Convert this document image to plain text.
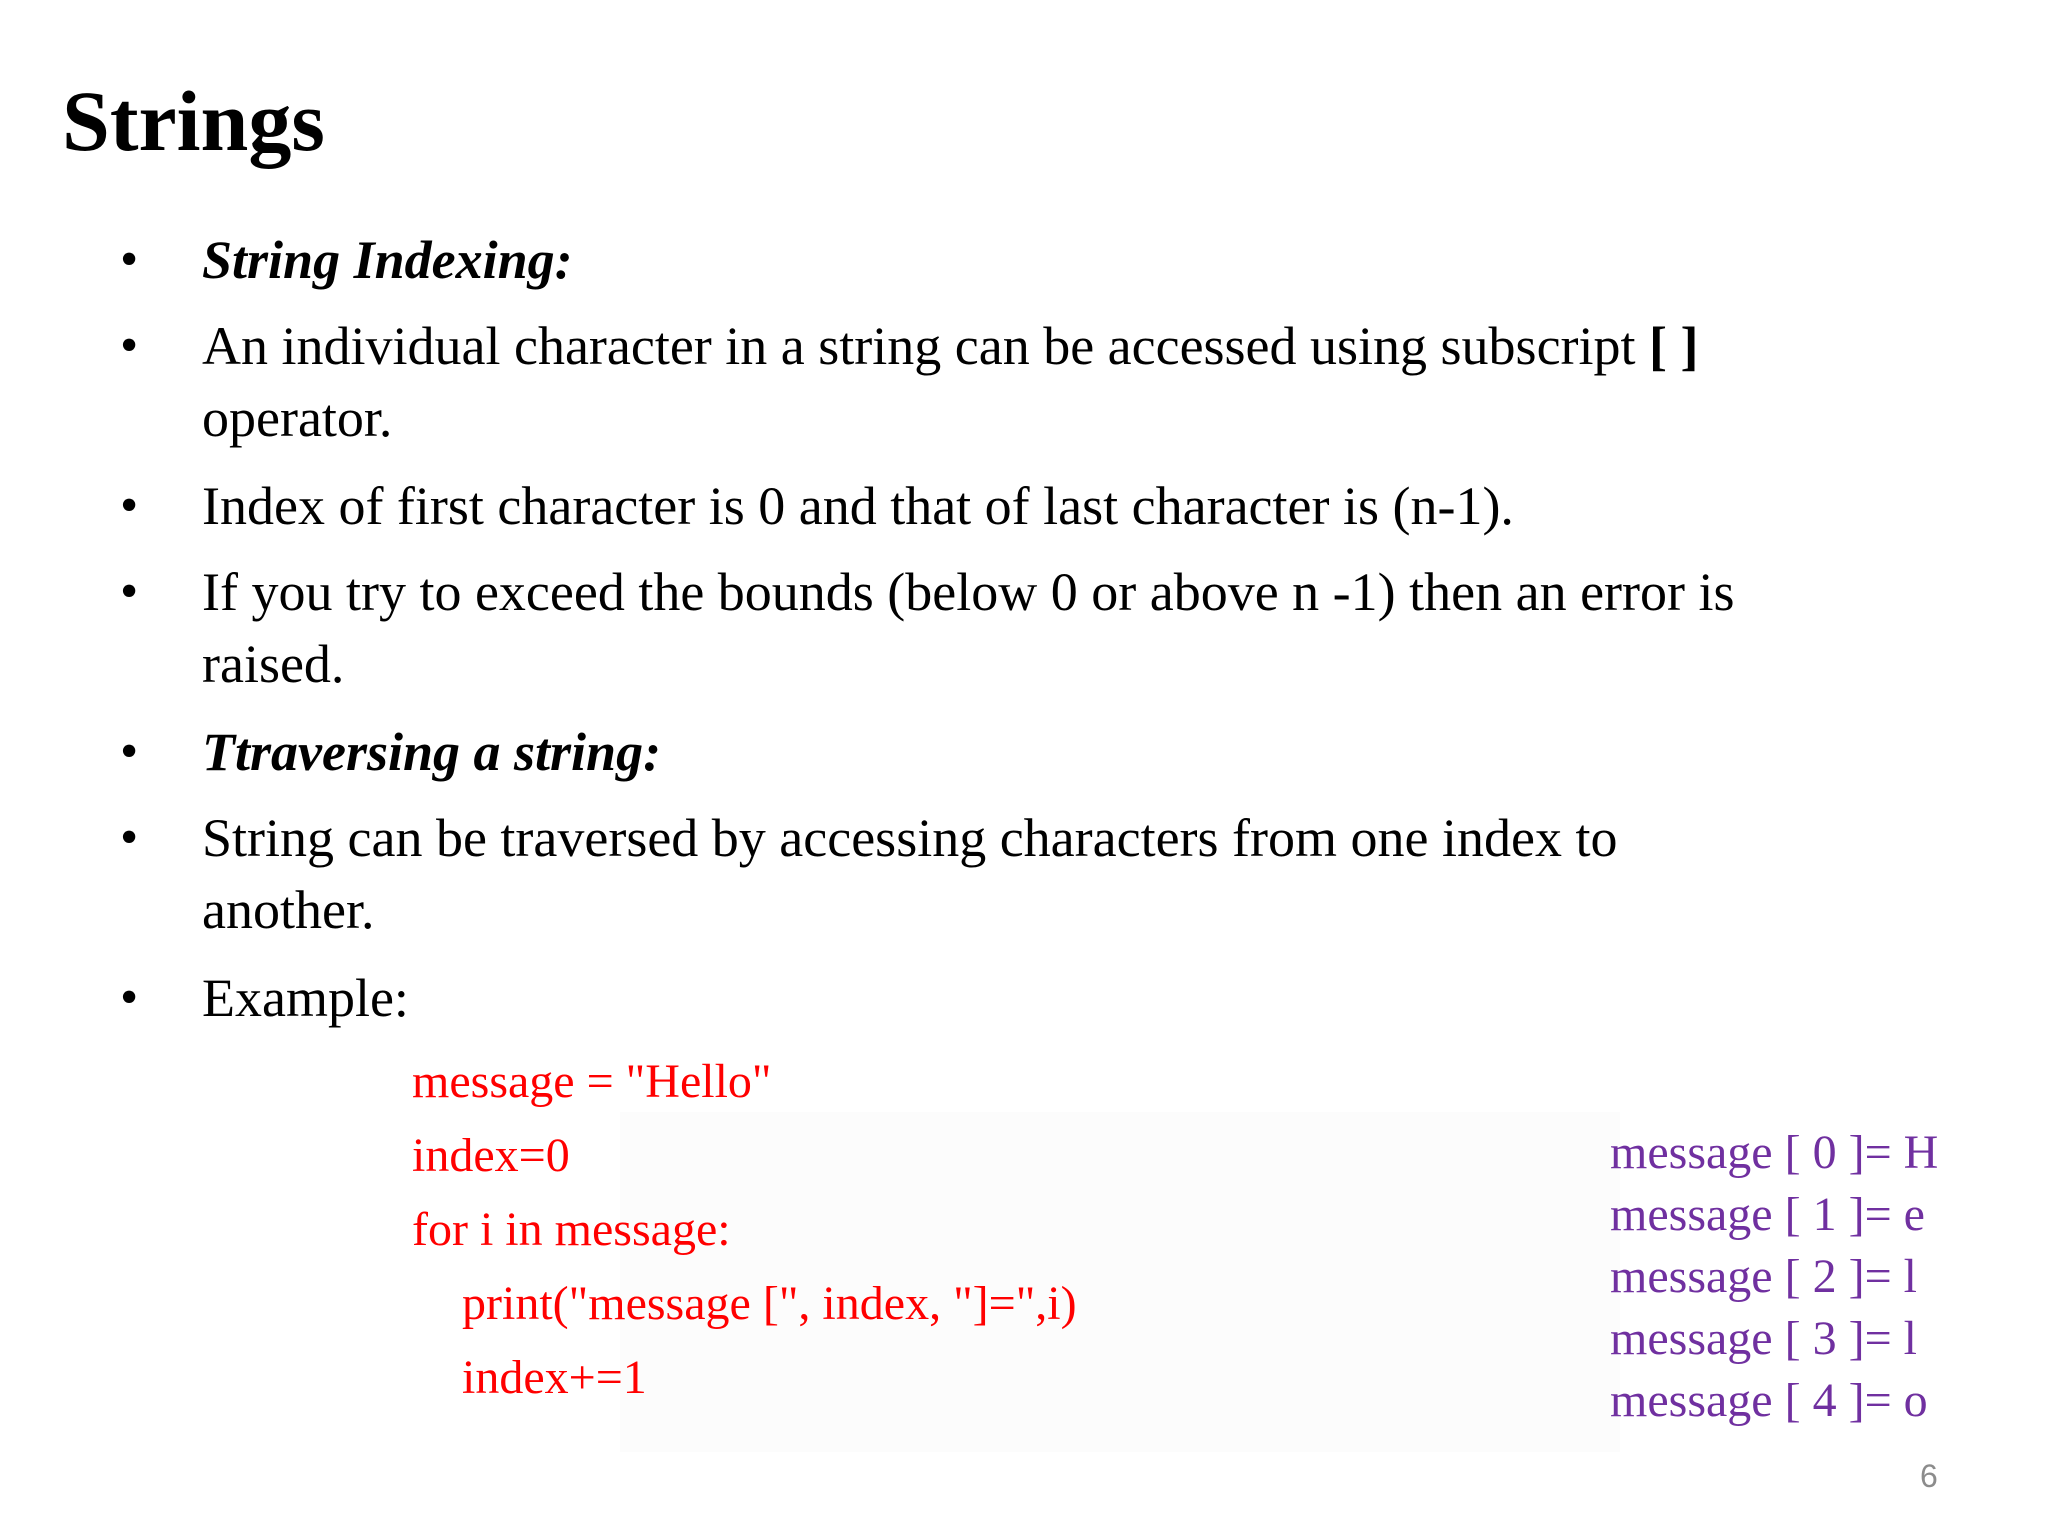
Strings
• String Indexing:
• An individual character in a string can be accessed using subscript [ ]
operator.
• Index of first character is 0 and that of last character is (n-1).
• If you try to exceed the bounds (below 0 or above n -1) then an error is
raised.
• Ttraversing a string:
• String can be traversed by accessing characters from one index to
another.
• Example:
message = "Hello"
index=0
for i in message:
print("message [", index, "]=",i)
index+=1
message [ 0 ]= H
message [ 1 ]= e
message [ 2 ]= l
message [ 3 ]= l
message [ 4 ]= o
6
